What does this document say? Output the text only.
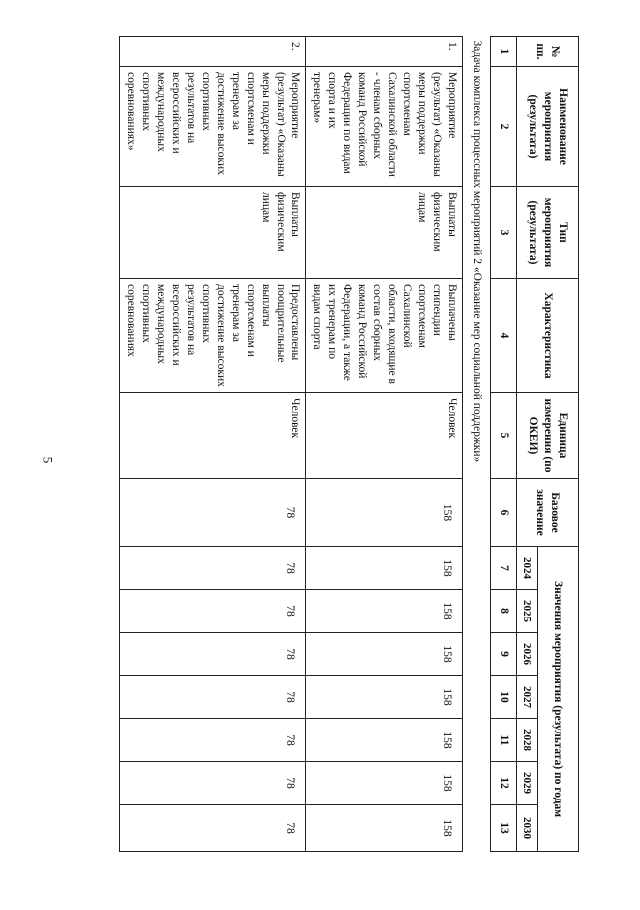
5
№ пп.	Наименование мероприятия (результата)	Тип мероприятия (результата)	Характеристика	Единица измерения (по ОКЕИ)	Базовое значение	Значения мероприятия (результата) по годам						
						2024	2025	2026	2027	2028	2029	2030
1	2	3	4	5	6	7	8	9	10	11	12	13
Задача комплекса процессных мероприятий 2 «Оказание мер социальной поддержки»												
1.	Мероприятие (результат) «Оказаны меры поддержки спортсменам Сахалинской области - членам сборных команд Российской Федерации по видам спорта и их тренерам»	Выплаты физическим лицам	Выплачены стипендии спортсменам Сахалинской области, входящие в состав сборных команд Российской Федерации, а также их тренерам по видам спорта	Человек	158	158	158	158	158	158	158	158
2.	Мероприятие (результат) «Оказаны меры поддержки спортсменам и тренерам за достижение высоких спортивных результатов на всероссийских и международных спортивных соревнованиях»	Выплаты физическим лицам	Предоставлены поощрительные выплаты спортсменам и тренерам за достижение высоких спортивных результатов на всероссийских и международных спортивных соревнованиях	Человек	78	78	78	78	78	78	78	78
